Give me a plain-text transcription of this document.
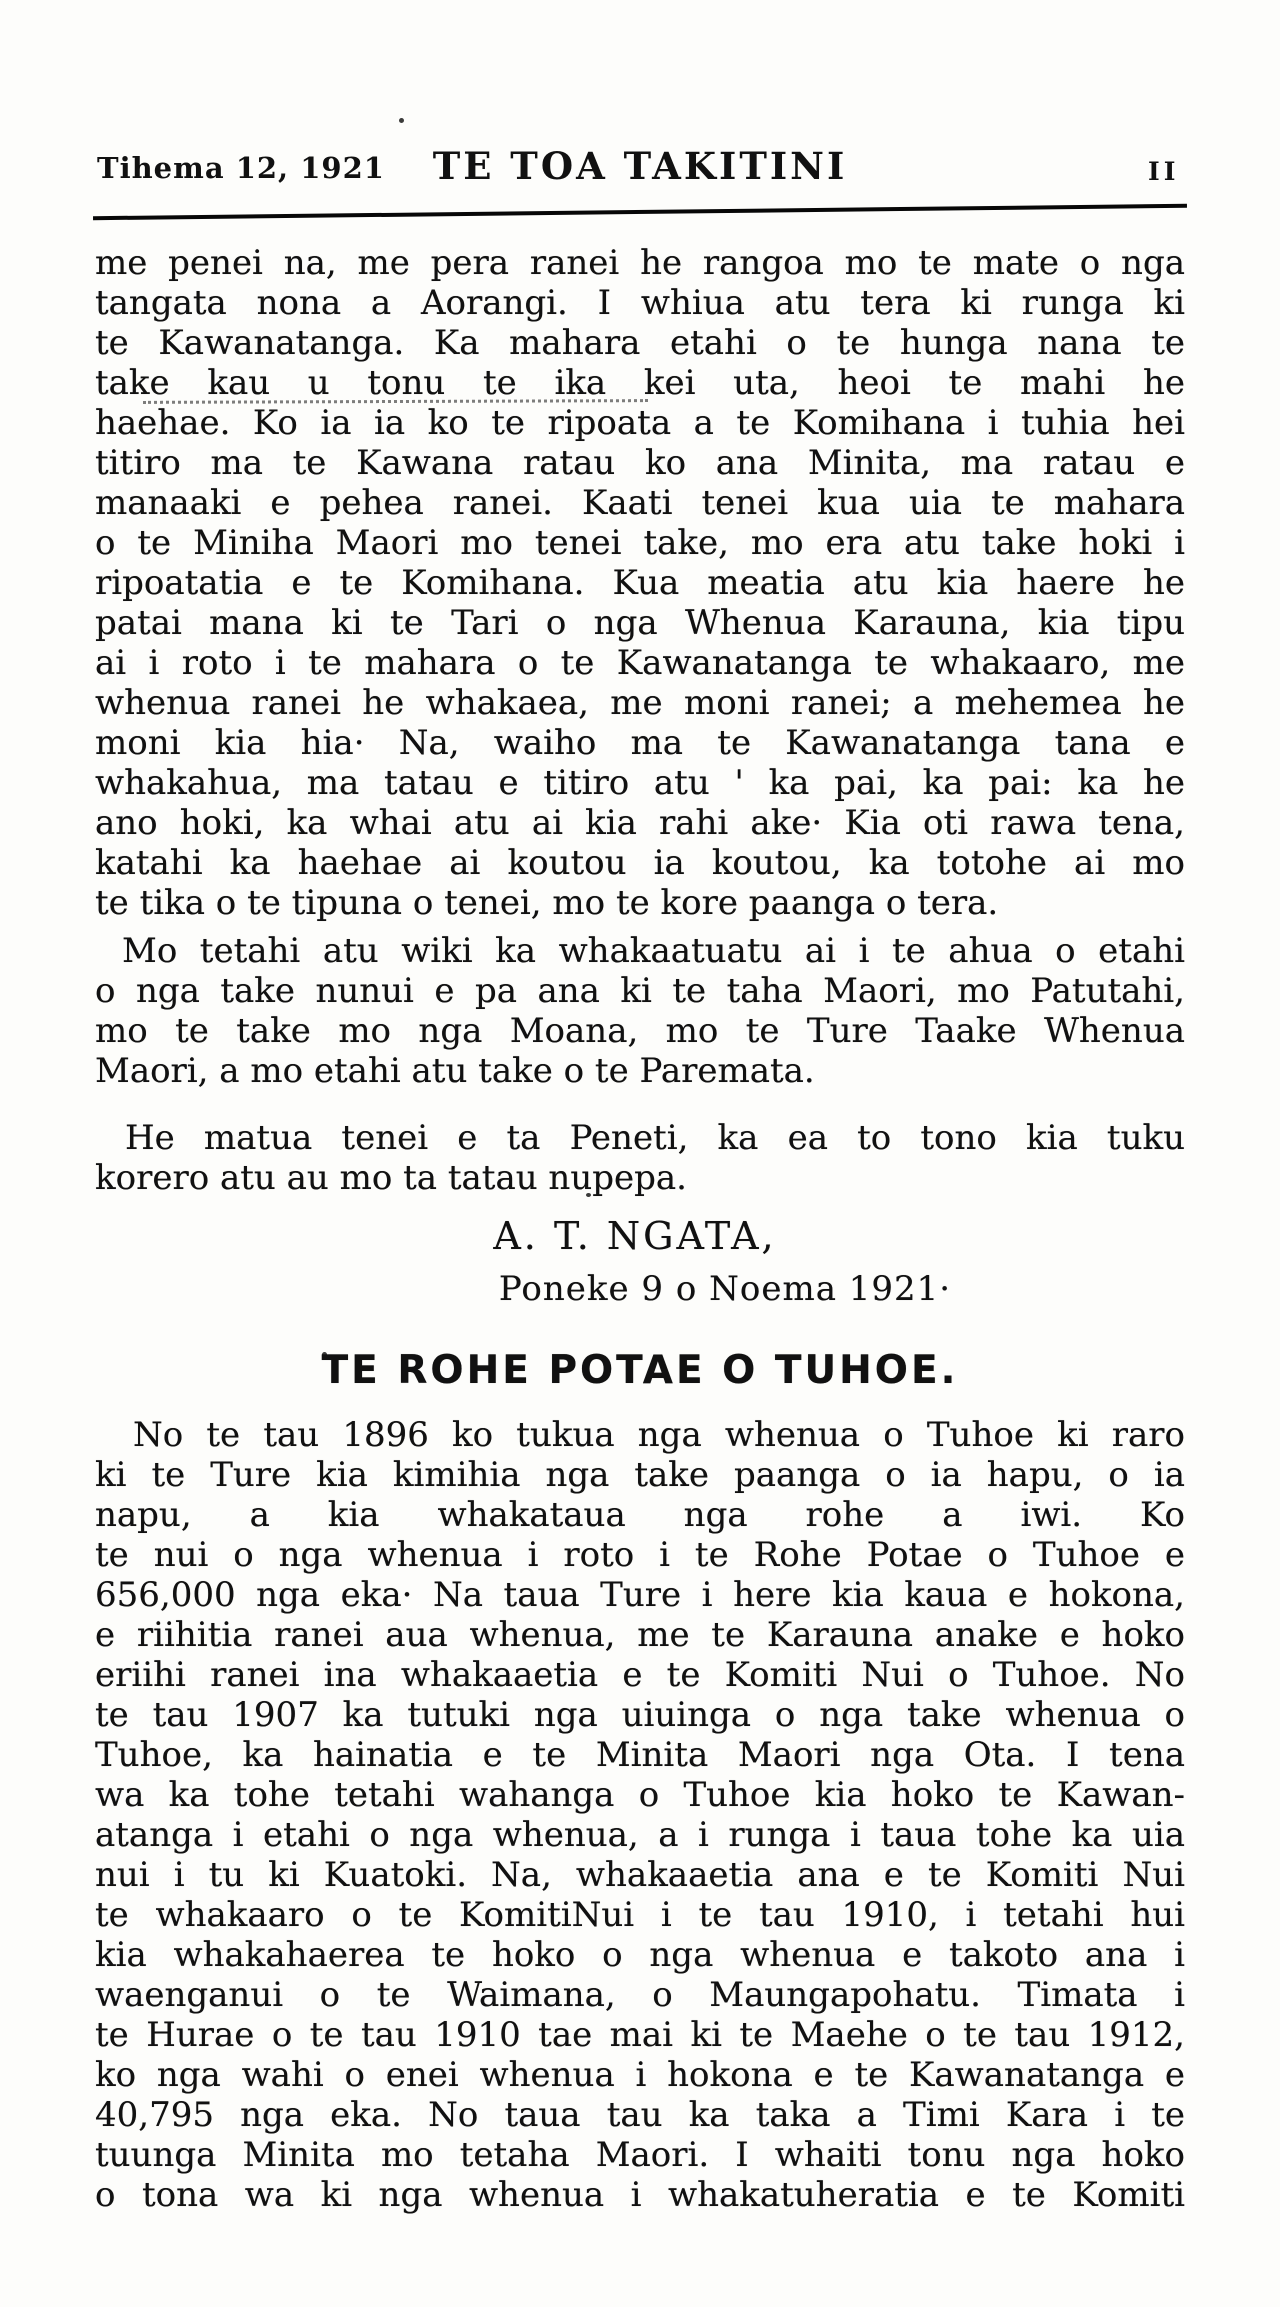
Tihema 12, 1921	TE TOA TAKITINI	II
me penei na, me pera ranei he rangoa mo te mate o nga
tangata nona a Aorangi. I whiua atu tera ki runga ki
te Kawanatanga. Ka mahara etahi o te hunga nana te
take kau u tonu te ika kei uta, heoi te mahi he
haehae. Ko ia ia ko te ripoata a te Komihana i tuhia hei
titiro ma te Kawana ratau ko ana Minita, ma ratau e
manaaki e pehea ranei. Kaati tenei kua uia te mahara
o te Miniha Maori mo tenei take, mo era atu take hoki i
ripoatatia e te Komihana. Kua meatia atu kia haere he
patai mana ki te Tari o nga Whenua Karauna, kia tipu
ai i roto i te mahara o te Kawanatanga te whakaaro, me
whenua ranei he whakaea, me moni ranei; a mehemea he
moni kia hia· Na, waiho ma te Kawanatanga tana e
whakahua, ma tatau e titiro atu ' ka pai, ka pai: ka he
ano hoki, ka whai atu ai kia rahi ake· Kia oti rawa tena,
katahi ka haehae ai koutou ia koutou, ka totohe ai mo
te tika o te tipuna o tenei, mo te kore paanga o tera.
Mo tetahi atu wiki ka whakaatuatu ai i te ahua o etahi
o nga take nunui e pa ana ki te taha Maori, mo Patutahi,
mo te take mo nga Moana, mo te Ture Taake Whenua
Maori, a mo etahi atu take o te Paremata.
He matua tenei e ta Peneti, ka ea to tono kia tuku
korero atu au mo ta tatau nupepa.
A. T. NGATA,
Poneke 9 o Noema 1921·
TE ROHE POTAE O TUHOE.
No te tau 1896 ko tukua nga whenua o Tuhoe ki raro
ki te Ture kia kimihia nga take paanga o ia hapu, o ia
napu, a kia whakataua nga rohe a iwi. Ko
te nui o nga whenua i roto i te Rohe Potae o Tuhoe e
656,000 nga eka· Na taua Ture i here kia kaua e hokona,
e riihitia ranei aua whenua, me te Karauna anake e hoko
eriihi ranei ina whakaaetia e te Komiti Nui o Tuhoe. No
te tau 1907 ka tutuki nga uiuinga o nga take whenua o
Tuhoe, ka hainatia e te Minita Maori nga Ota. I tena
wa ka tohe tetahi wahanga o Tuhoe kia hoko te Kawan-
atanga i etahi o nga whenua, a i runga i taua tohe ka uia
nui i tu ki Kuatoki. Na, whakaaetia ana e te Komiti Nui
te whakaaro o te KomitiNui i te tau 1910, i tetahi hui
kia whakahaerea te hoko o nga whenua e takoto ana i
waenganui o te Waimana, o Maungapohatu. Timata i
te Hurae o te tau 1910 tae mai ki te Maehe o te tau 1912,
ko nga wahi o enei whenua i hokona e te Kawanatanga e
40,795 nga eka. No taua tau ka taka a Timi Kara i te
tuunga Minita mo tetaha Maori. I whaiti tonu nga hoko
o tona wa ki nga whenua i whakatuheratia e te Komiti
